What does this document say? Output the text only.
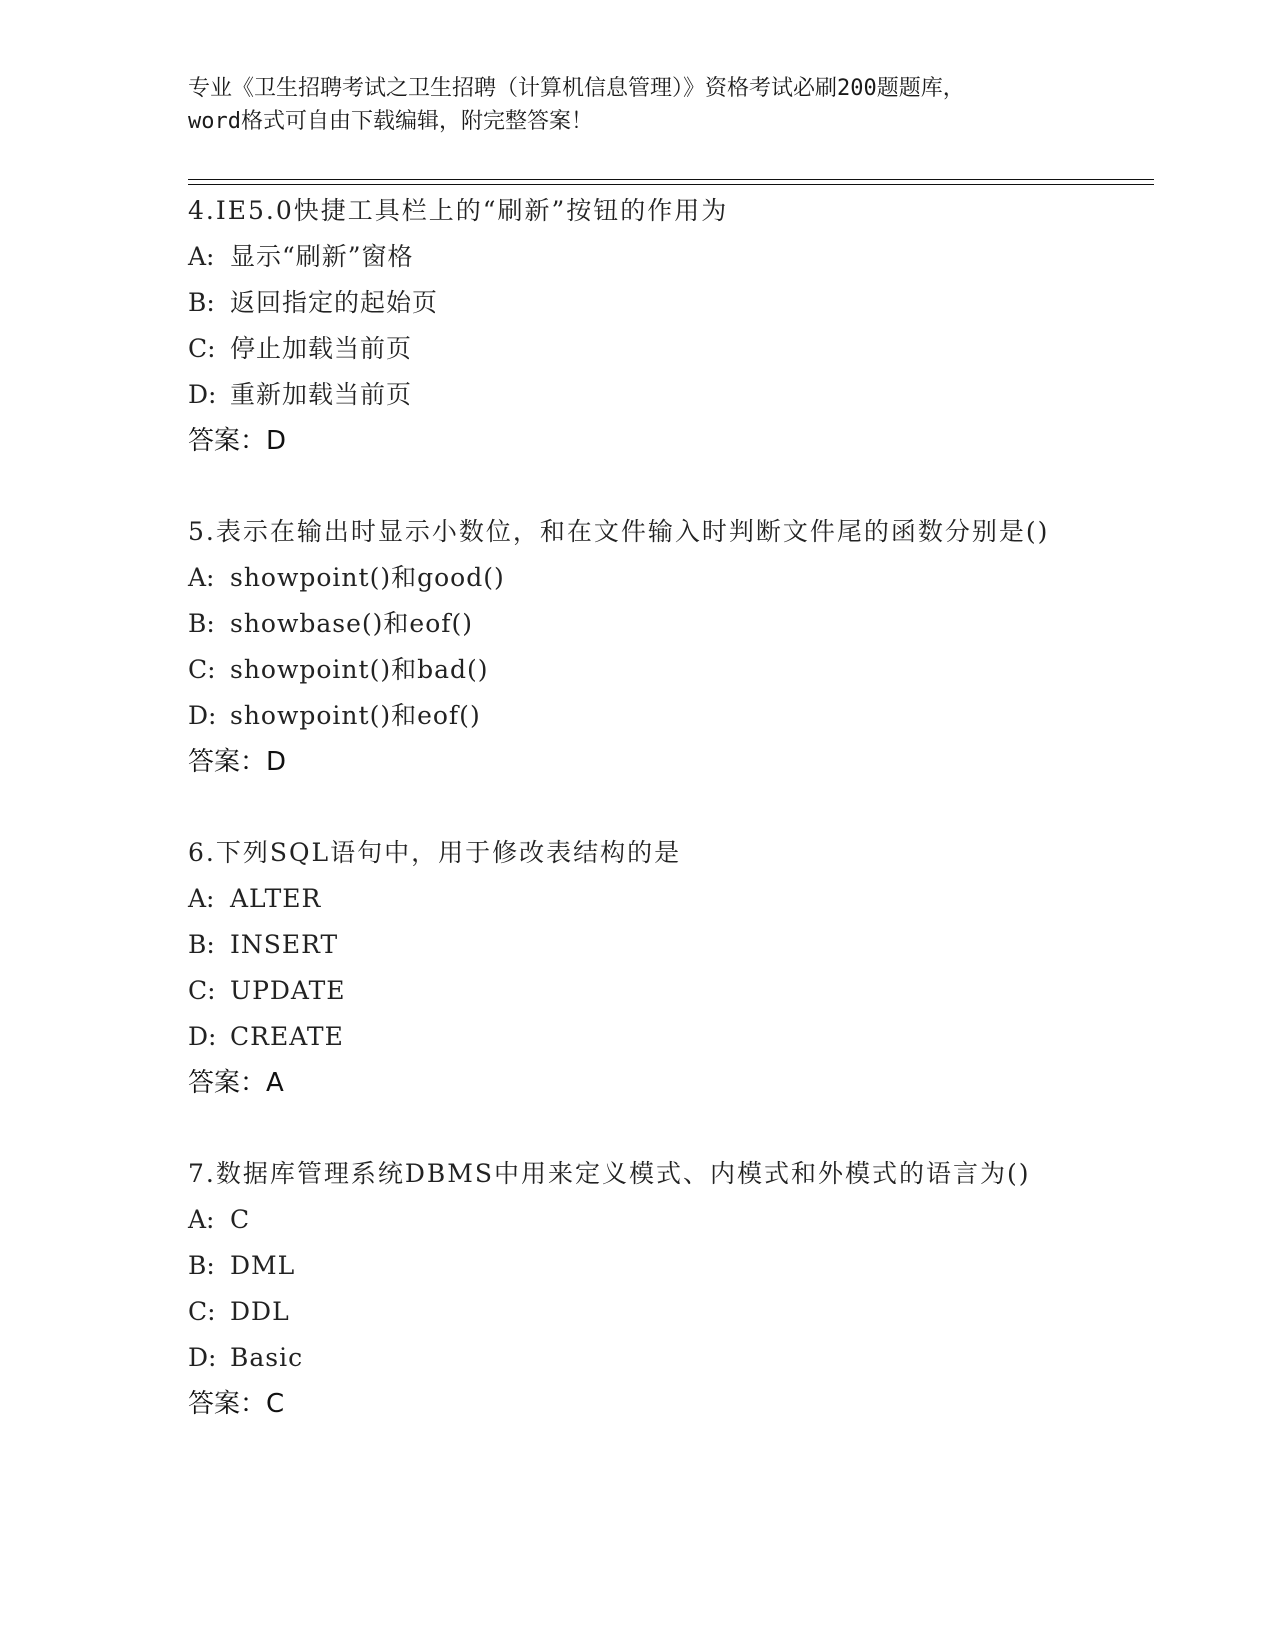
专业《卫生招聘考试之卫生招聘（计算机信息管理）》资格考试必刷200题题库，
word格式可自由下载编辑，附完整答案！
4.IE5.0快捷工具栏上的“刷新”按钮的作用为
A: 显示“刷新”窗格
B: 返回指定的起始页
C: 停止加载当前页
D: 重新加载当前页
答案：D
5.表示在输出时显示小数位，和在文件输入时判断文件尾的函数分别是()
A: showpoint()和good()
B: showbase()和eof()
C: showpoint()和bad()
D: showpoint()和eof()
答案：D
6.下列SQL语句中，用于修改表结构的是
A: ALTER
B: INSERT
C: UPDATE
D: CREATE
答案：A
7.数据库管理系统DBMS中用来定义模式、内模式和外模式的语言为()
A: C
B: DML
C: DDL
D: Basic
答案：C
